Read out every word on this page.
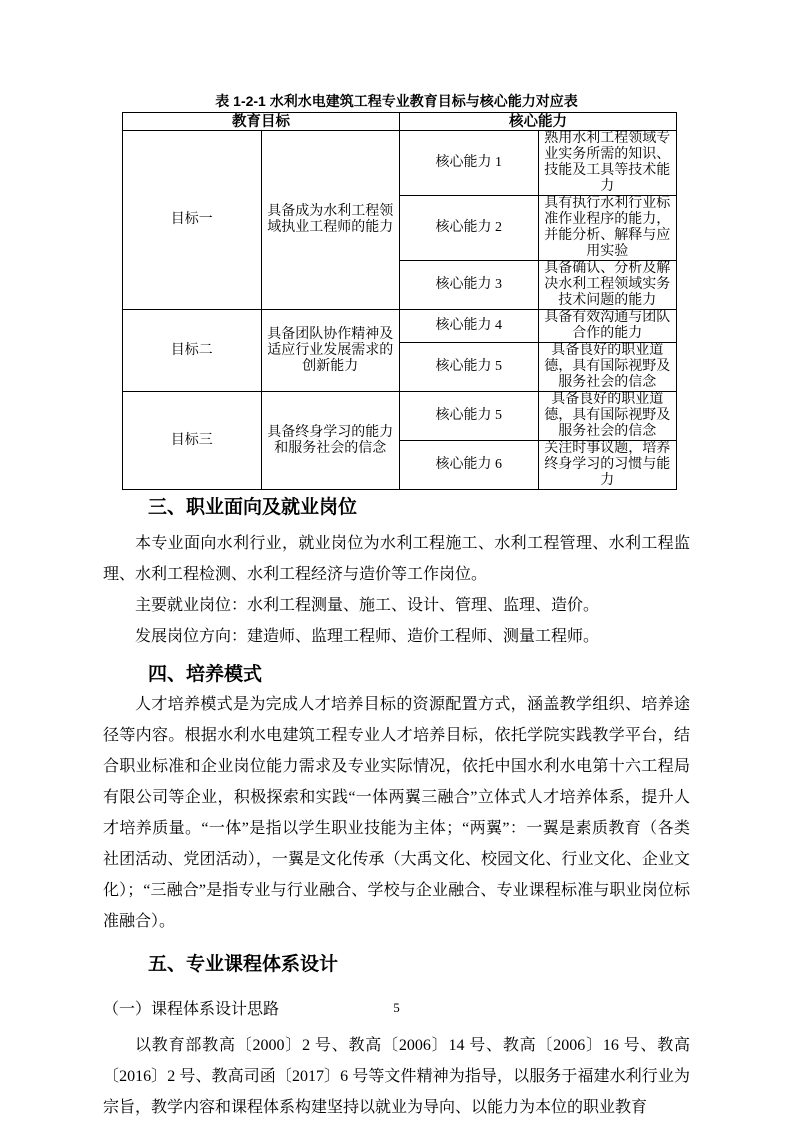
表 1-2-1 水利水电建筑工程专业教育目标与核心能力对应表
教育目标		核心能力	
目标一	具备成为水利工程领域执业工程师的能力	核心能力 1	熟用水利工程领域专业实务所需的知识、技能及工具等技术能力
		核心能力 2	具有执行水利行业标准作业程序的能力，并能分析、解释与应用实验
		核心能力 3	具备确认、分析及解决水利工程领域实务技术问题的能力
目标二	具备团队协作精神及适应行业发展需求的创新能力	核心能力 4	具备有效沟通与团队合作的能力
		核心能力 5	具备良好的职业道德，具有国际视野及服务社会的信念
目标三	具备终身学习的能力和服务社会的信念	核心能力 5	具备良好的职业道德，具有国际视野及服务社会的信念
		核心能力 6	关注时事议题，培养终身学习的习惯与能力
三、职业面向及就业岗位

本专业面向水利行业，就业岗位为水利工程施工、水利工程管理、水利工程监理、水利工程检测、水利工程经济与造价等工作岗位。

主要就业岗位：水利工程测量、施工、设计、管理、监理、造价。

发展岗位方向：建造师、监理工程师、造价工程师、测量工程师。

四、培养模式

人才培养模式是为完成人才培养目标的资源配置方式，涵盖教学组织、培养途径等内容。根据水利水电建筑工程专业人才培养目标，依托学院实践教学平台，结合职业标准和企业岗位能力需求及专业实际情况，依托中国水利水电第十六工程局有限公司等企业，积极探索和实践“一体两翼三融合”立体式人才培养体系，提升人才培养质量。“一体”是指以学生职业技能为主体；“两翼”：一翼是素质教育（各类社团活动、党团活动），一翼是文化传承（大禹文化、校园文化、行业文化、企业文化）；“三融合”是指专业与行业融合、学校与企业融合、专业课程标准与职业岗位标准融合）。

五、专业课程体系设计
（一）课程体系设计思路

以教育部教高〔2000〕2 号、教高〔2006〕14 号、教高〔2006〕16 号、教高〔2016〕2 号、教高司函〔2017〕6 号等文件精神为指导，以服务于福建水利行业为宗旨，教学内容和课程体系构建坚持以就业为导向、以能力为本位的职业教育

5
